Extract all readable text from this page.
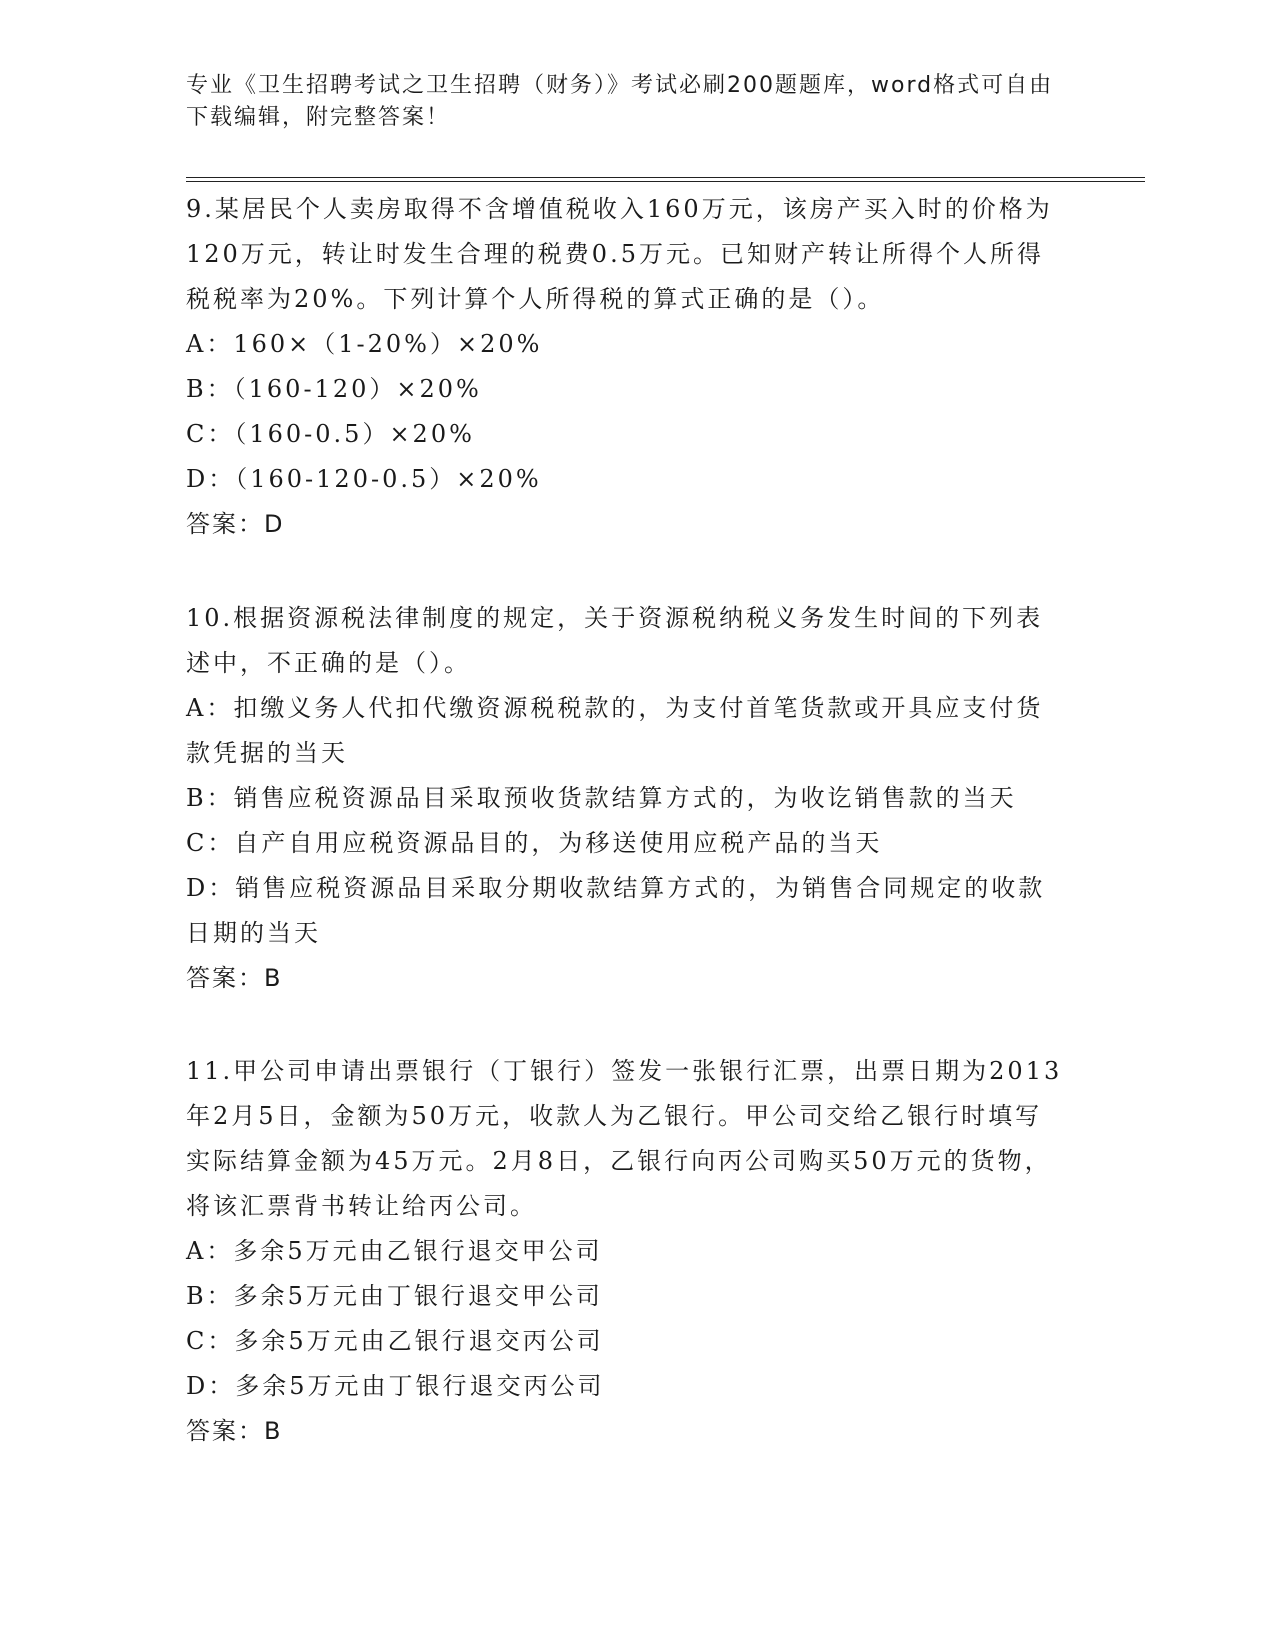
专业《卫生招聘考试之卫生招聘（财务）》考试必刷200题题库，word格式可自由下载编辑，附完整答案！

9.某居民个人卖房取得不含增值税收入160万元，该房产买入时的价格为120万元，转让时发生合理的税费0.5万元。已知财产转让所得个人所得税税率为20%。下列计算个人所得税的算式正确的是（）。

A：160×（1-20%）×20%

B：（160-120）×20%

C：（160-0.5）×20%

D：（160-120-0.5）×20%

答案：D

10.根据资源税法律制度的规定，关于资源税纳税义务发生时间的下列表述中，不正确的是（）。

A：扣缴义务人代扣代缴资源税税款的，为支付首笔货款或开具应支付货款凭据的当天

B：销售应税资源品目采取预收货款结算方式的，为收讫销售款的当天

C：自产自用应税资源品目的，为移送使用应税产品的当天

D：销售应税资源品目采取分期收款结算方式的，为销售合同规定的收款日期的当天

答案：B

11.甲公司申请出票银行（丁银行）签发一张银行汇票，出票日期为2013年2月5日，金额为50万元，收款人为乙银行。甲公司交给乙银行时填写实际结算金额为45万元。2月8日，乙银行向丙公司购买50万元的货物，将该汇票背书转让给丙公司。

A：多余5万元由乙银行退交甲公司

B：多余5万元由丁银行退交甲公司

C：多余5万元由乙银行退交丙公司

D：多余5万元由丁银行退交丙公司

答案：B
